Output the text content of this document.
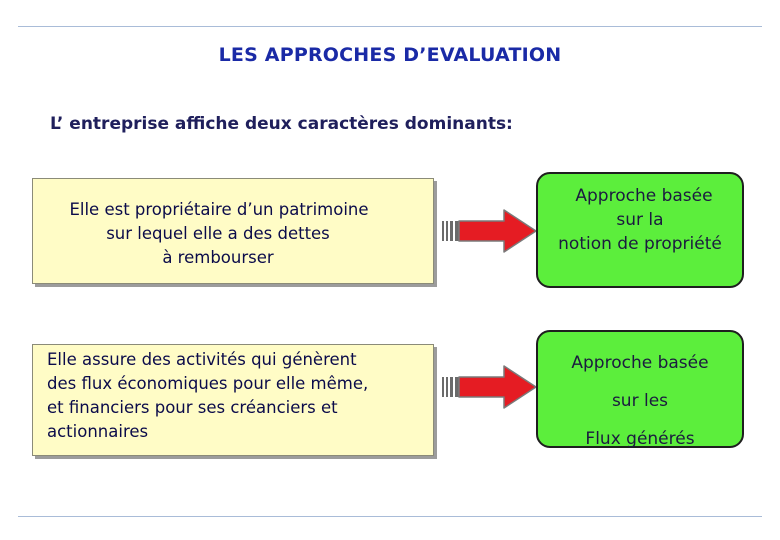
LES APPROCHES D’EVALUATION
L’ entreprise affiche deux caractères dominants:
Elle est propriétaire d’un patrimoine
sur lequel elle a des dettes
à rembourser
Approche basée
sur la
notion de propriété
Elle assure des activités qui génèrent
des flux économiques pour elle même,
et financiers pour ses créanciers et
actionnaires
Approche basée
sur les
Flux générés
